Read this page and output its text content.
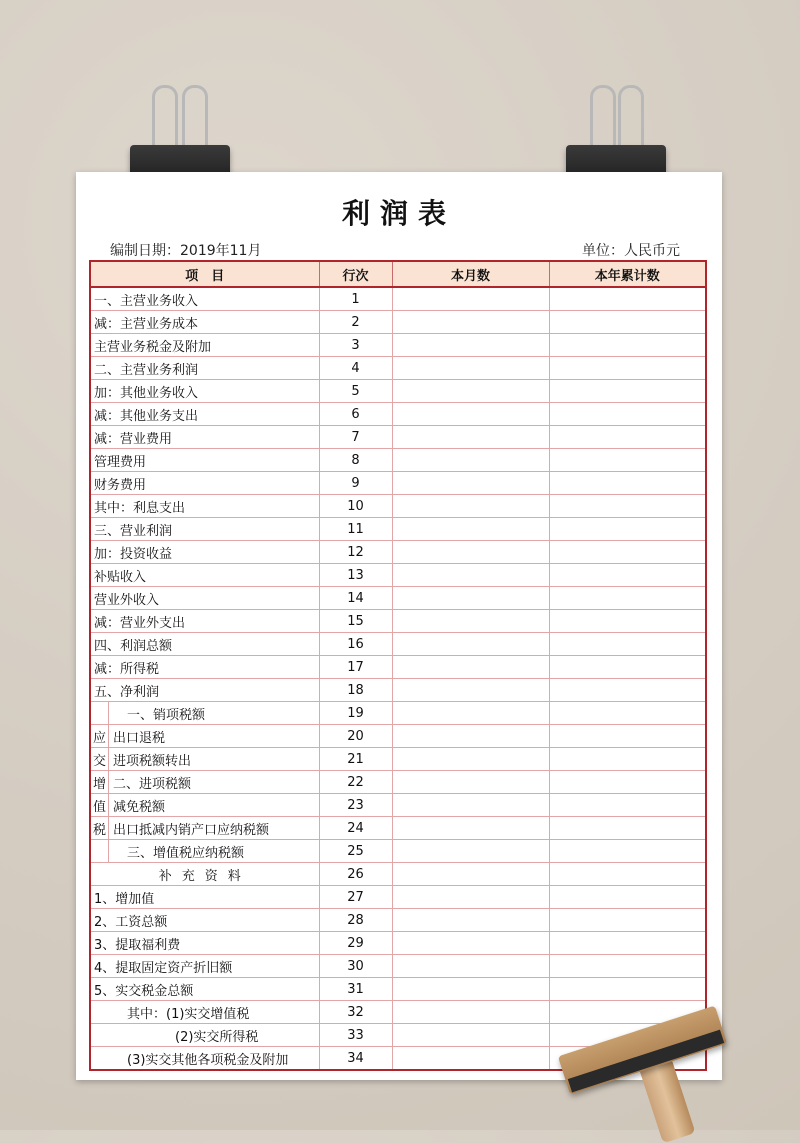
利润表
编制日期：2019年11月	单位：人民币元
项　目	行次	本月数	本年累计数
一、主营业务收入	1		
减：主营业务成本	2		
主营业务税金及附加	3		
二、主营业务利润	4		
加：其他业务收入	5		
减：其他业务支出	6		
减：营业费用	7		
管理费用	8		
财务费用	9		
其中：利息支出	10		
三、营业利润	11		
加：投资收益	12		
补贴收入	13		
营业外收入	14		
减：营业外支出	15		
四、利润总额	16		
减：所得税	17		
五、净利润	18		

一、销项税额	19		

应 出口退税	20		

交 进项税额转出	21		

增 二、进项税额	22		

值 减免税额	23		

税 出口抵减内销产口应纳税额	24		

三、增值税应纳税额	25		
补充资料	26		
1、增加值	27		
2、工资总额	28		
3、提取福利费	29		
4、提取固定资产折旧额	30		
5、实交税金总额	31		
其中：(1)实交增值税	32		
(2)实交所得税	33		
(3)实交其他各项税金及附加	34		
